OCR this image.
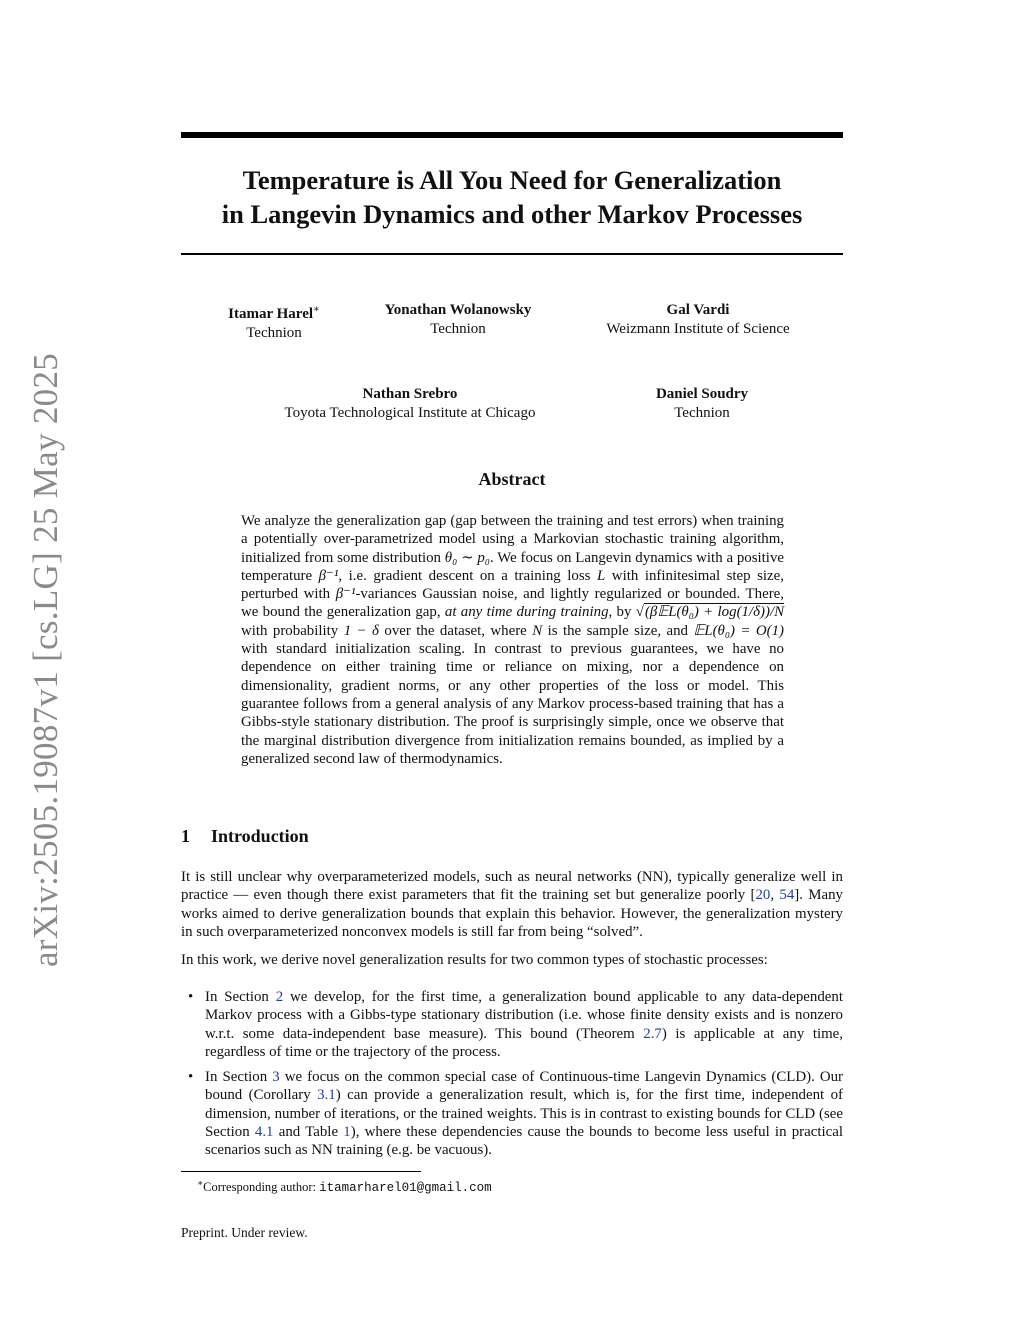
arXiv:2505.19087v1 [cs.LG] 25 May 2025
Temperature is All You Need for Generalization
in Langevin Dynamics and other Markov Processes
Itamar Harel∗
Technion
Yonathan Wolanowsky
Technion
Gal Vardi
Weizmann Institute of Science
Nathan Srebro
Toyota Technological Institute at Chicago
Daniel Soudry
Technion
Abstract
We analyze the generalization gap (gap between the training and test errors) when training a potentially over-parametrized model using a Markovian stochastic training algorithm, initialized from some distribution θ₀ ∼ p₀. We focus on Langevin dynamics with a positive temperature β⁻¹, i.e. gradient descent on a training loss L with infinitesimal step size, perturbed with β⁻¹-variances Gaussian noise, and lightly regularized or bounded. There, we bound the generalization gap, at any time during training, by √(β𝔼L(θ₀) + log(1/δ))/N with probability 1 − δ over the dataset, where N is the sample size, and 𝔼L(θ₀) = O(1) with standard initialization scaling. In contrast to previous guarantees, we have no dependence on either training time or reliance on mixing, nor a dependence on dimensionality, gradient norms, or any other properties of the loss or model. This guarantee follows from a general analysis of any Markov process-based training that has a Gibbs-style stationary distribution. The proof is surprisingly simple, once we observe that the marginal distribution divergence from initialization remains bounded, as implied by a generalized second law of thermodynamics.
1 Introduction
It is still unclear why overparameterized models, such as neural networks (NN), typically generalize well in practice — even though there exist parameters that fit the training set but generalize poorly [20, 54]. Many works aimed to derive generalization bounds that explain this behavior. However, the generalization mystery in such overparameterized nonconvex models is still far from being “solved”.
In this work, we derive novel generalization results for two common types of stochastic processes:
• In Section 2 we develop, for the first time, a generalization bound applicable to any data-dependent Markov process with a Gibbs-type stationary distribution (i.e. whose finite density exists and is nonzero w.r.t. some data-independent base measure). This bound (Theorem 2.7) is applicable at any time, regardless of time or the trajectory of the process.
• In Section 3 we focus on the common special case of Continuous-time Langevin Dynamics (CLD). Our bound (Corollary 3.1) can provide a generalization result, which is, for the first time, independent of dimension, number of iterations, or the trained weights. This is in contrast to existing bounds for CLD (see Section 4.1 and Table 1), where these dependencies cause the bounds to become less useful in practical scenarios such as NN training (e.g. be vacuous).
∗Corresponding author: itamarharel01@gmail.com
Preprint. Under review.
